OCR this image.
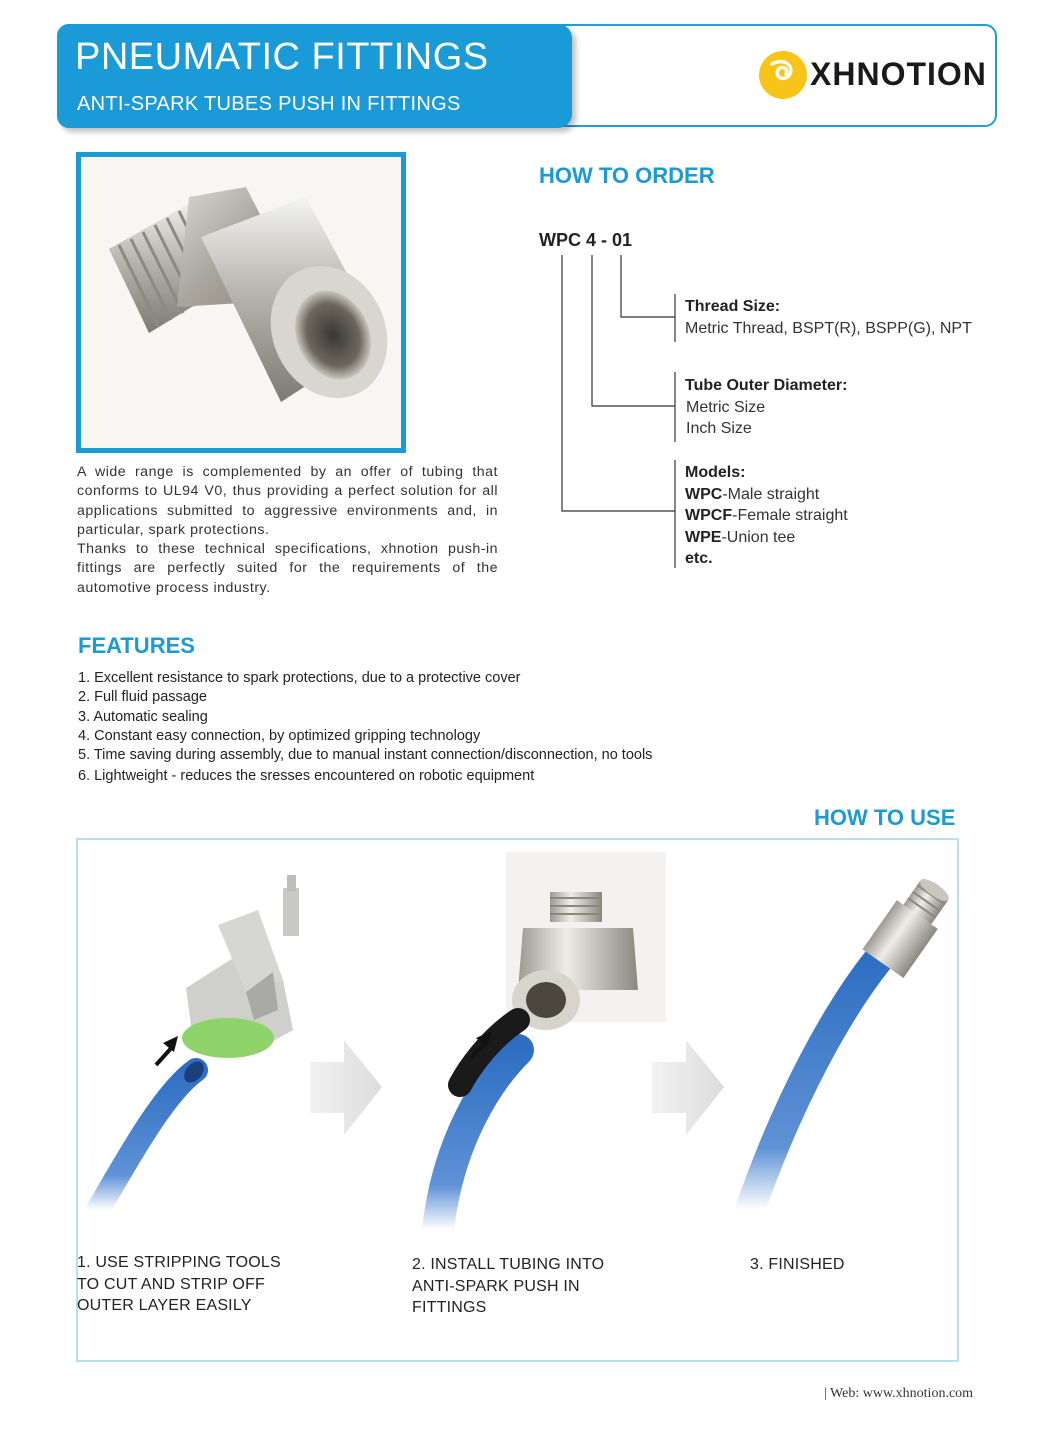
PNEUMATIC FITTINGS
ANTI-SPARK TUBES PUSH IN FITTINGS
XHNOTION

A wide range is complemented by an offer of tubing that conforms to UL94 V0, thus providing a perfect solution for all applications submitted to aggressive environments and, in particular, spark protections.

Thanks to these technical specifications, xhnotion push-in fittings are perfectly suited for the requirements of the automotive process industry.

HOW TO ORDER
WPC 4 - 01
Thread Size:
Metric Thread, BSPT(R), BSPP(G), NPT
Tube Outer Diameter:
Metric Size
Inch Size
Models:
WPC-Male straight
WPCF-Female straight
WPE-Union tee
etc.
FEATURES
1. Excellent resistance to spark protections, due to a protective cover
2. Full fluid passage
3. Automatic sealing
4. Constant easy connection, by optimized gripping technology
5. Time saving during assembly, due to manual instant connection/disconnection, no tools
6. Lightweight - reduces the sresses encountered on robotic equipment
HOW TO USE
1. USE STRIPPING TOOLS TO CUT AND STRIP OFF OUTER LAYER EASILY
2. INSTALL TUBING INTO ANTI-SPARK PUSH IN FITTINGS
3. FINISHED
| Web: www.xhnotion.com
